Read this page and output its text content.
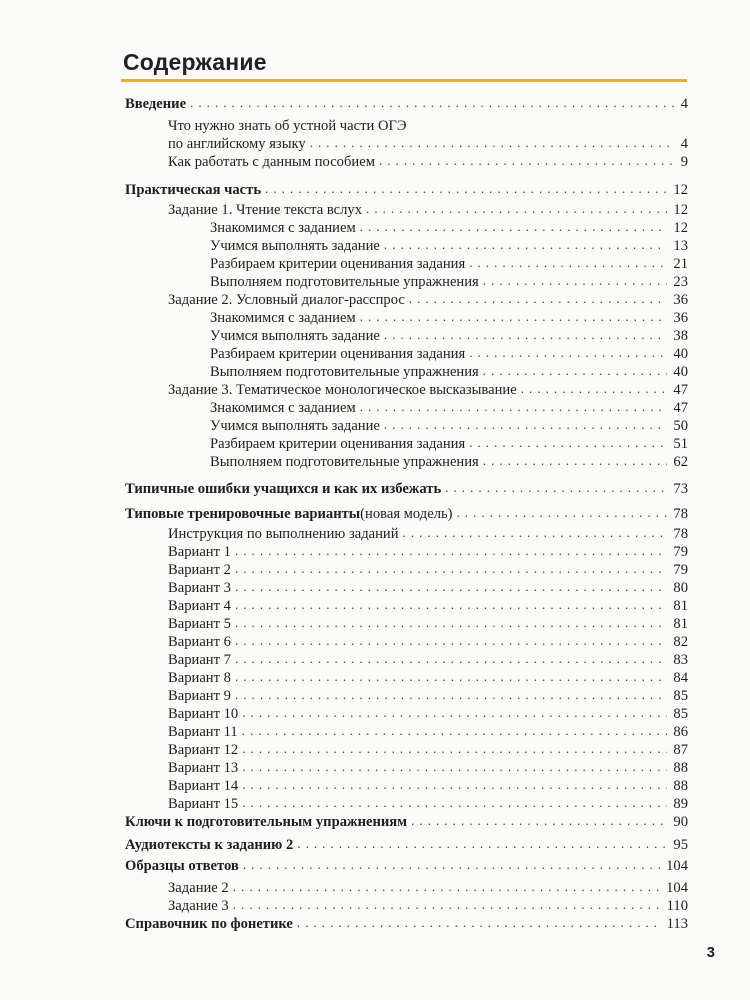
Содержание
Введение . . .	4
Что нужно знать об устной части ОГЭ
по английскому языку . . .	4
Как работать с данным пособием . . .	9
Практическая часть . . .	12
Задание 1. Чтение текста вслух . . .	12
Знакомимся с заданием . . .	12
Учимся выполнять задание . . .	13
Разбираем критерии оценивания задания . . .	21
Выполняем подготовительные упражнения . . .	23
Задание 2. Условный диалог-расспрос . . .	36
Знакомимся с заданием . . .	36
Учимся выполнять задание . . .	38
Разбираем критерии оценивания задания . . .	40
Выполняем подготовительные упражнения . . .	40
Задание 3. Тематическое монологическое высказывание . . .	47
Знакомимся с заданием . . .	47
Учимся выполнять задание . . .	50
Разбираем критерии оценивания задания . . .	51
Выполняем подготовительные упражнения . . .	62
Типичные ошибки учащихся и как их избежать . . .	73
Типовые тренировочные варианты (новая модель) . . .	78
Инструкция по выполнению заданий . . .	78
Вариант 1 . . .	79
Вариант 2 . . .	79
Вариант 3 . . .	80
Вариант 4 . . .	81
Вариант 5 . . .	81
Вариант 6 . . .	82
Вариант 7 . . .	83
Вариант 8 . . .	84
Вариант 9 . . .	85
Вариант 10 . . .	85
Вариант 11 . . .	86
Вариант 12 . . .	87
Вариант 13 . . .	88
Вариант 14 . . .	88
Вариант 15 . . .	89
Ключи к подготовительным упражнениям . . .	90
Аудиотексты к заданию 2 . . .	95
Образцы ответов . . .	104
Задание 2 . . .	104
Задание 3 . . .	110
Справочник по фонетике . . .	113
3
